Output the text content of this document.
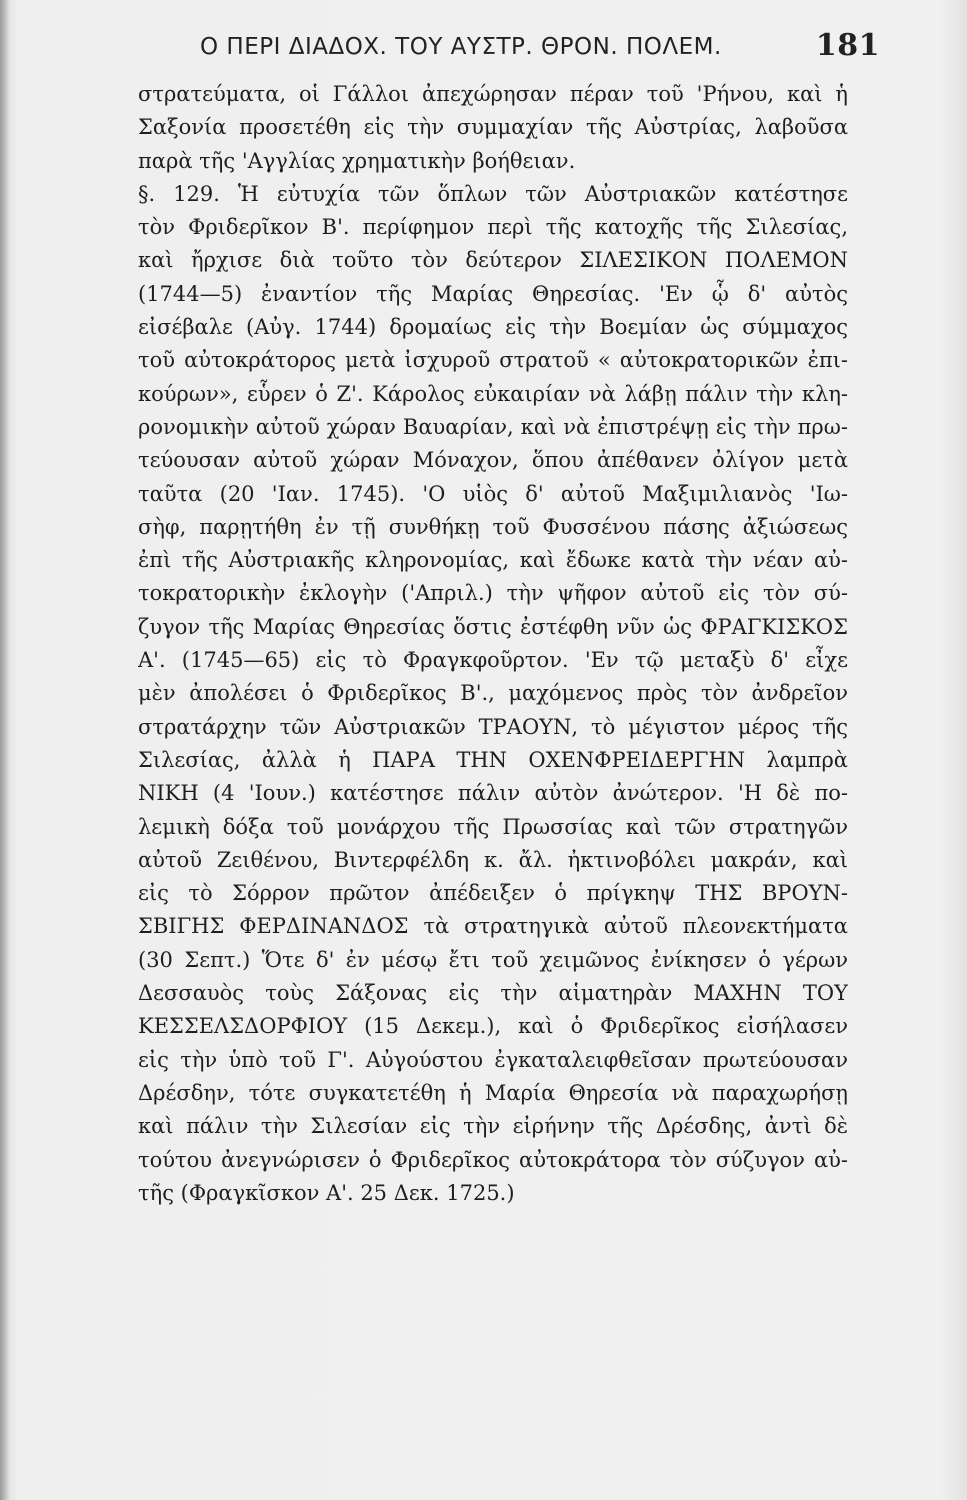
Ο ΠΕΡΙ ΔΙΑΔΟΧ. ΤΟΥ ΑΥΣΤΡ. ΘΡΟΝ. ΠΟΛΕΜ.	181
στρατεύματα, οἱ Γάλλοι ἀπεχώρησαν πέραν τοῦ 'Ρήνου, καὶ ἡ
Σαξονία προσετέθη εἰς τὴν συμμαχίαν τῆς Αὐστρίας, λαβοῦσα
παρὰ τῆς 'Αγγλίας χρηματικὴν βοήθειαν.
§. 129. Ἡ εὐτυχία τῶν ὅπλων τῶν Αὐστριακῶν κατέστησε
τὸν Φριδερῖκον Β'. περίφημον περὶ τῆς κατοχῆς τῆς Σιλεσίας,
καὶ ἤρχισε διὰ τοῦτο τὸν δεύτερον ΣΙΛΕΣΙΚΟΝ ΠΟΛΕΜΟΝ
(1744—5) ἐναντίον τῆς Μαρίας Θηρεσίας. 'Εν ᾧ δ' αὐτὸς
εἰσέβαλε (Αὐγ. 1744) δρομαίως εἰς τὴν Βοεμίαν ὡς σύμμαχος
τοῦ αὐτοκράτορος μετὰ ἰσχυροῦ στρατοῦ « αὐτοκρατορικῶν ἐπι-
κούρων», εὗρεν ὁ Ζ'. Κάρολος εὐκαιρίαν νὰ λάβῃ πάλιν τὴν κλη-
ρονομικὴν αὐτοῦ χώραν Βαυαρίαν, καὶ νὰ ἐπιστρέψῃ εἰς τὴν πρω-
τεύουσαν αὐτοῦ χώραν Μόναχον, ὅπου ἀπέθανεν ὀλίγον μετὰ
ταῦτα (20 'Ιαν. 1745). 'Ο υἱὸς δ' αὐτοῦ Μαξιμιλιανὸς 'Ιω-
σὴφ, παρῃτήθη ἐν τῇ συνθήκῃ τοῦ Φυσσένου πάσης ἀξιώσεως
ἐπὶ τῆς Αὐστριακῆς κληρονομίας, καὶ ἔδωκε κατὰ τὴν νέαν αὐ-
τοκρατορικὴν ἐκλογὴν ('Απριλ.) τὴν ψῆφον αὐτοῦ εἰς τὸν σύ-
ζυγον τῆς Μαρίας Θηρεσίας ὅστις ἐστέφθη νῦν ὡς ΦΡΑΓΚΙΣΚΟΣ
Α'. (1745—65) εἰς τὸ Φραγκφοῦρτον. 'Εν τῷ μεταξὺ δ' εἶχε
μὲν ἀπολέσει ὁ Φριδερῖκος Β'., μαχόμενος πρὸς τὸν ἀνδρεῖον
στρατάρχην τῶν Αὐστριακῶν ΤΡΑΟΥΝ, τὸ μέγιστον μέρος τῆς
Σιλεσίας, ἀλλὰ ἡ ΠΑΡΑ ΤΗΝ ΟΧΕΝΦΡΕΙΔΕΡΓΗΝ λαμπρὰ
ΝΙΚΗ (4 'Ιουν.) κατέστησε πάλιν αὐτὸν ἀνώτερον. 'Η δὲ πο-
λεμικὴ δόξα τοῦ μονάρχου τῆς Πρωσσίας καὶ τῶν στρατηγῶν
αὐτοῦ Ζειθένου, Βιντερφέλδη κ. ἄλ. ἠκτινοβόλει μακράν, καὶ
εἰς τὸ Σόρρον πρῶτον ἀπέδειξεν ὁ πρίγκηψ ΤΗΣ ΒΡΟΥΝ-
ΣΒΙΓΗΣ ΦΕΡΔΙΝΑΝΔΟΣ τὰ στρατηγικὰ αὐτοῦ πλεονεκτήματα
(30 Σεπτ.) Ὅτε δ' ἐν μέσῳ ἔτι τοῦ χειμῶνος ἐνίκησεν ὁ γέρων
Δεσσαυὸς τοὺς Σάξονας εἰς τὴν αἱματηρὰν ΜΑΧΗΝ ΤΟΥ
ΚΕΣΣΕΛΣΔΟΡΦΙΟΥ (15 Δεκεμ.), καὶ ὁ Φριδερῖκος εἰσήλασεν
εἰς τὴν ὑπὸ τοῦ Γ'. Αὐγούστου ἐγκαταλειφθεῖσαν πρωτεύουσαν
Δρέσδην, τότε συγκατετέθη ἡ Μαρία Θηρεσία νὰ παραχωρήσῃ
καὶ πάλιν τὴν Σιλεσίαν εἰς τὴν εἰρήνην τῆς Δρέσδης, ἀντὶ δὲ
τούτου ἀνεγνώρισεν ὁ Φριδερῖκος αὐτοκράτορα τὸν σύζυγον αὐ-
τῆς (Φραγκῖσκον Α'. 25 Δεκ. 1725.)
